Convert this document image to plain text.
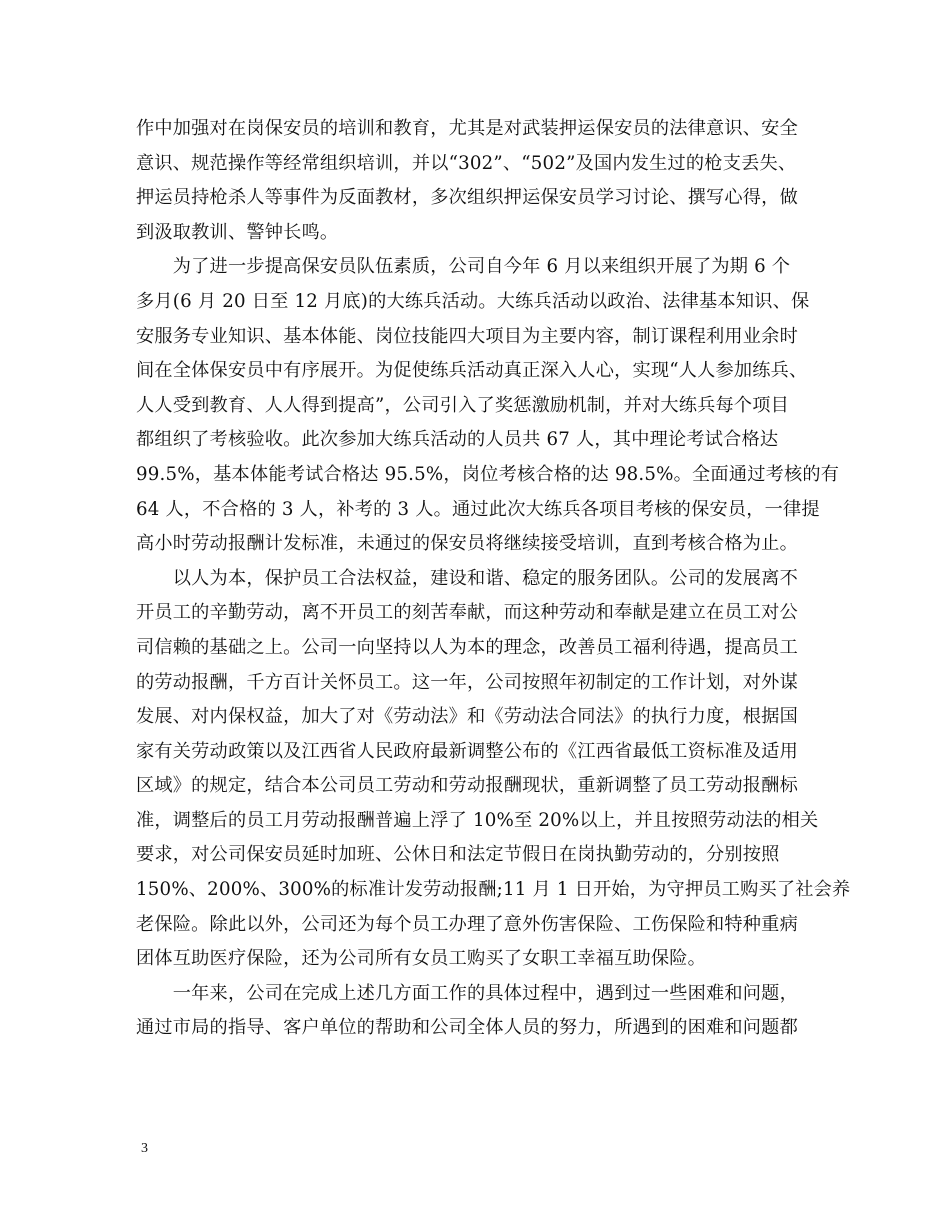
作中加强对在岗保安员的培训和教育，尤其是对武装押运保安员的法律意识、安全
意识、规范操作等经常组织培训，并以“302”、“502”及国内发生过的枪支丢失、
押运员持枪杀人等事件为反面教材，多次组织押运保安员学习讨论、撰写心得，做
到汲取教训、警钟长鸣。
　　为了进一步提高保安员队伍素质，公司自今年 6 月以来组织开展了为期 6 个
多月(6 月 20 日至 12 月底)的大练兵活动。大练兵活动以政治、法律基本知识、保
安服务专业知识、基本体能、岗位技能四大项目为主要内容，制订课程利用业余时
间在全体保安员中有序展开。为促使练兵活动真正深入人心，实现“人人参加练兵、
人人受到教育、人人得到提高”，公司引入了奖惩激励机制，并对大练兵每个项目
都组织了考核验收。此次参加大练兵活动的人员共 67 人，其中理论考试合格达
99.5%，基本体能考试合格达 95.5%，岗位考核合格的达 98.5%。全面通过考核的有
64 人，不合格的 3 人，补考的 3 人。通过此次大练兵各项目考核的保安员，一律提
高小时劳动报酬计发标准，未通过的保安员将继续接受培训，直到考核合格为止。
　　以人为本，保护员工合法权益，建设和谐、稳定的服务团队。公司的发展离不
开员工的辛勤劳动，离不开员工的刻苦奉献，而这种劳动和奉献是建立在员工对公
司信赖的基础之上。公司一向坚持以人为本的理念，改善员工福利待遇，提高员工
的劳动报酬，千方百计关怀员工。这一年，公司按照年初制定的工作计划，对外谋
发展、对内保权益，加大了对《劳动法》和《劳动法合同法》的执行力度，根据国
家有关劳动政策以及江西省人民政府最新调整公布的《江西省最低工资标准及适用
区域》的规定，结合本公司员工劳动和劳动报酬现状，重新调整了员工劳动报酬标
准，调整后的员工月劳动报酬普遍上浮了 10%至 20%以上，并且按照劳动法的相关
要求，对公司保安员延时加班、公休日和法定节假日在岗执勤劳动的，分别按照
150%、200%、300%的标准计发劳动报酬;11 月 1 日开始，为守押员工购买了社会养
老保险。除此以外，公司还为每个员工办理了意外伤害保险、工伤保险和特种重病
团体互助医疗保险，还为公司所有女员工购买了女职工幸福互助保险。
　　一年来，公司在完成上述几方面工作的具体过程中，遇到过一些困难和问题，
通过市局的指导、客户单位的帮助和公司全体人员的努力，所遇到的困难和问题都
3
